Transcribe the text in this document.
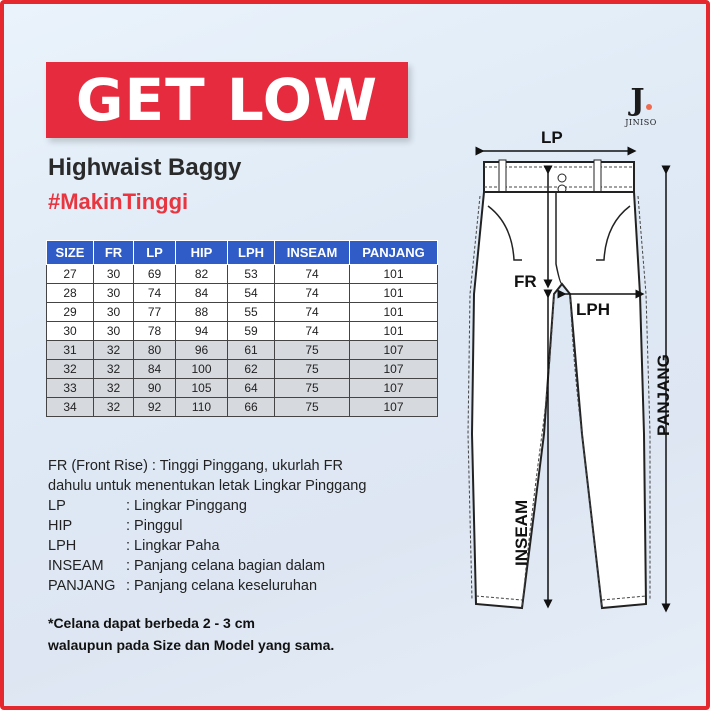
GET LOW	J
JINISO
Highwaist Baggy
#MakinTinggi
SIZE	FR	LP	HIP	LPH	INSEAM	PANJANG
27	30	69	82	53	74	101
28	30	74	84	54	74	101
29	30	77	88	55	74	101
30	30	78	94	59	74	101
31	32	80	96	61	75	107
32	32	84	100	62	75	107
33	32	90	105	64	75	107
34	32	92	110	66	75	107
FR (Front Rise) : Tinggi Pinggang, ukurlah FR
dahulu untuk menentukan letak Lingkar Pinggang
LP	: Lingkar Pinggang
HIP	: Pinggul
LPH	: Lingkar Paha
INSEAM	: Panjang celana bagian dalam
PANJANG : Panjang celana keseluruhan
*Celana dapat berbeda 2 - 3 cm
walaupun pada Size dan Model yang sama.
LP
FR
LPH
INSEAM
PANJANG
